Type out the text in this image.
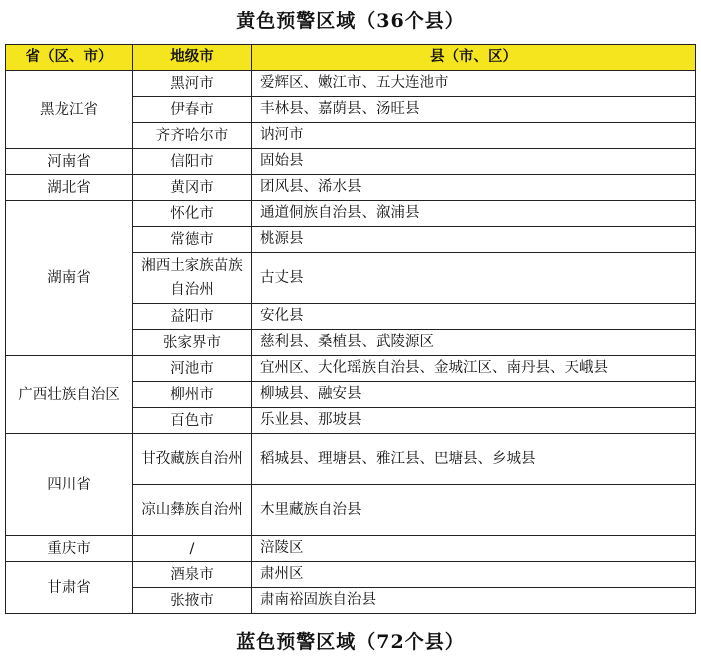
黄色预警区域（36个县）
省（区、市）	地级市	县（市、区）
黑龙江省	黑河市	爱辉区、嫩江市、五大连池市
	伊春市	丰林县、嘉荫县、汤旺县
	齐齐哈尔市	讷河市
河南省	信阳市	固始县
湖北省	黄冈市	团风县、浠水县
湖南省	怀化市	通道侗族自治县、溆浦县
	常德市	桃源县
	湘西土家族苗族自治州	古丈县
	益阳市	安化县
	张家界市	慈利县、桑植县、武陵源区
广西壮族自治区	河池市	宜州区、大化瑶族自治县、金城江区、南丹县、天峨县
	柳州市	柳城县、融安县
	百色市	乐业县、那坡县
四川省	甘孜藏族自治州	稻城县、理塘县、雅江县、巴塘县、乡城县
	凉山彝族自治州	木里藏族自治县
重庆市	/	涪陵区
甘肃省	酒泉市	肃州区
	张掖市	肃南裕固族自治县
蓝色预警区域（72个县）
